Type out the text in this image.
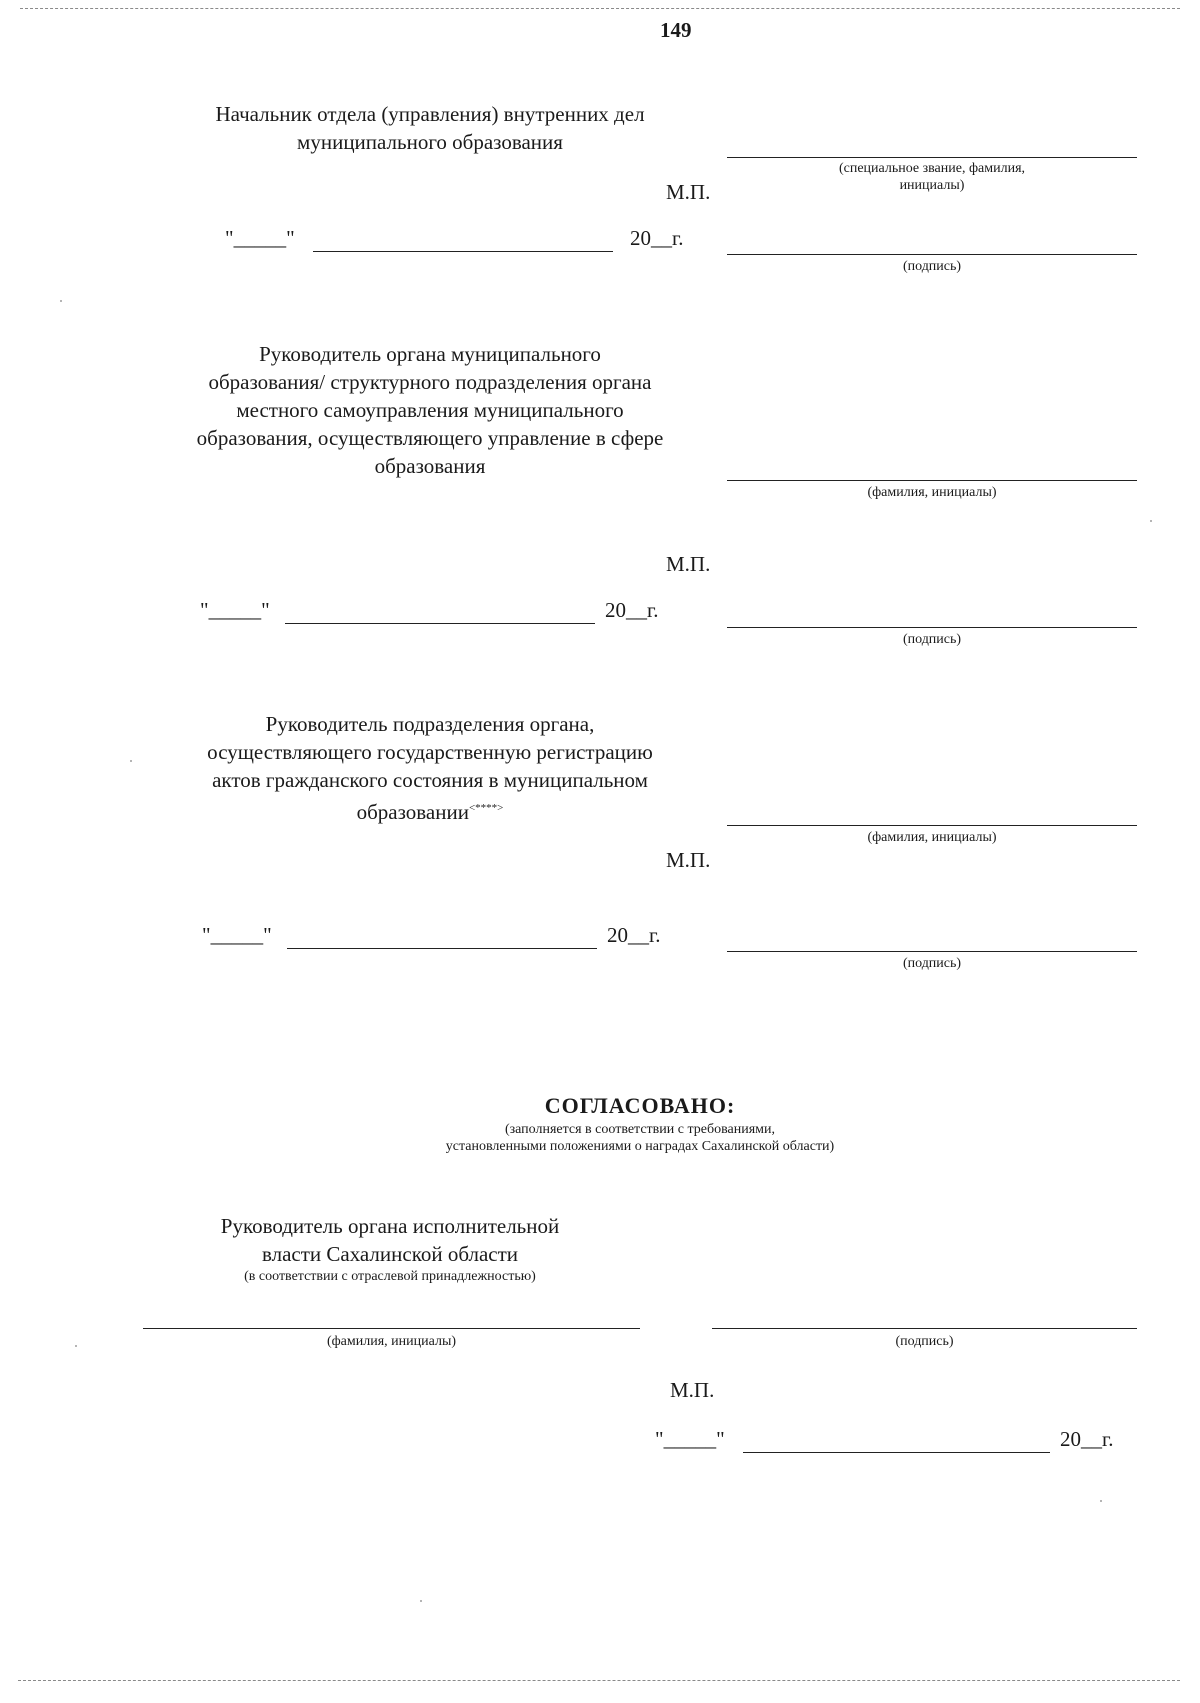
149
Начальник отдела (управления) внутренних дел
муниципального образования
(специальное звание, фамилия,
инициалы)
М.П.
"_____"	20__г.
(подпись)
Руководитель органа муниципального
образования/ структурного подразделения органа
местного самоуправления муниципального
образования, осуществляющего управление в сфере
образования
(фамилия, инициалы)
М.П.
"_____"	20__г.
(подпись)
Руководитель подразделения органа,
осуществляющего государственную регистрацию
актов гражданского состояния в муниципальном
образовании<****>
(фамилия, инициалы)
М.П.
"_____"	20__г.
(подпись)
СОГЛАСОВАНО:
(заполняется в соответствии с требованиями,
установленными положениями о наградах Сахалинской области)
Руководитель органа исполнительной
власти Сахалинской области
(в соответствии с отраслевой принадлежностью)
(фамилия, инициалы)	(подпись)
М.П.
"_____"	20__г.
